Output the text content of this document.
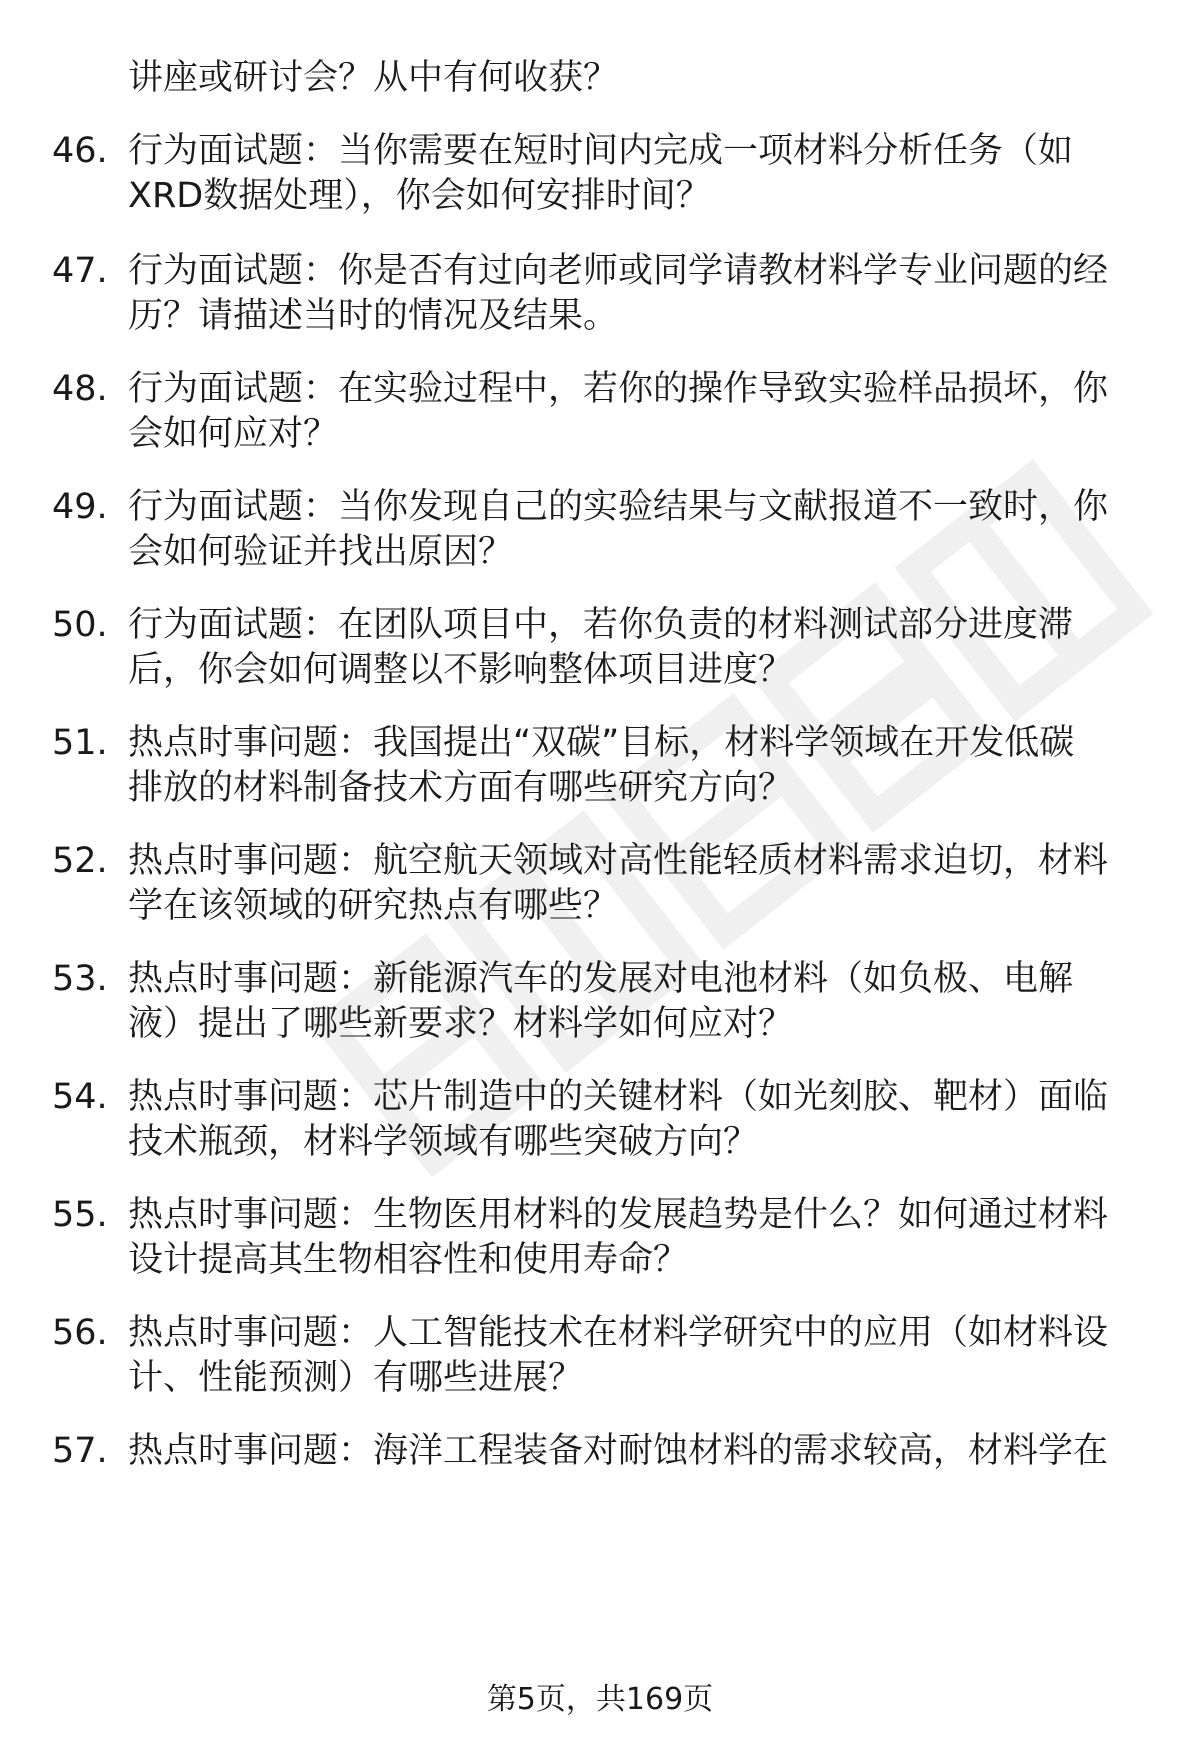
讲座或研讨会？从中有何收获？
46. 行为面试题：当你需要在短时间内完成一项材料分析任务（如
XRD数据处理），你会如何安排时间？
47. 行为面试题：你是否有过向老师或同学请教材料学专业问题的经
历？请描述当时的情况及结果。
48. 行为面试题：在实验过程中，若你的操作导致实验样品损坏，你
会如何应对？
49. 行为面试题：当你发现自己的实验结果与文献报道不一致时，你
会如何验证并找出原因？
50. 行为面试题：在团队项目中，若你负责的材料测试部分进度滞
后，你会如何调整以不影响整体项目进度？
51. 热点时事问题：我国提出“双碳”目标，材料学领域在开发低碳
排放的材料制备技术方面有哪些研究方向？
52. 热点时事问题：航空航天领域对高性能轻质材料需求迫切，材料
学在该领域的研究热点有哪些？
53. 热点时事问题：新能源汽车的发展对电池材料（如负极、电解
液）提出了哪些新要求？材料学如何应对？
54. 热点时事问题：芯片制造中的关键材料（如光刻胶、靶材）面临
技术瓶颈，材料学领域有哪些突破方向？
55. 热点时事问题：生物医用材料的发展趋势是什么？如何通过材料
设计提高其生物相容性和使用寿命？
56. 热点时事问题：人工智能技术在材料学研究中的应用（如材料设
计、性能预测）有哪些进展？
57. 热点时事问题：海洋工程装备对耐蚀材料的需求较高，材料学在
第5页，共169页
